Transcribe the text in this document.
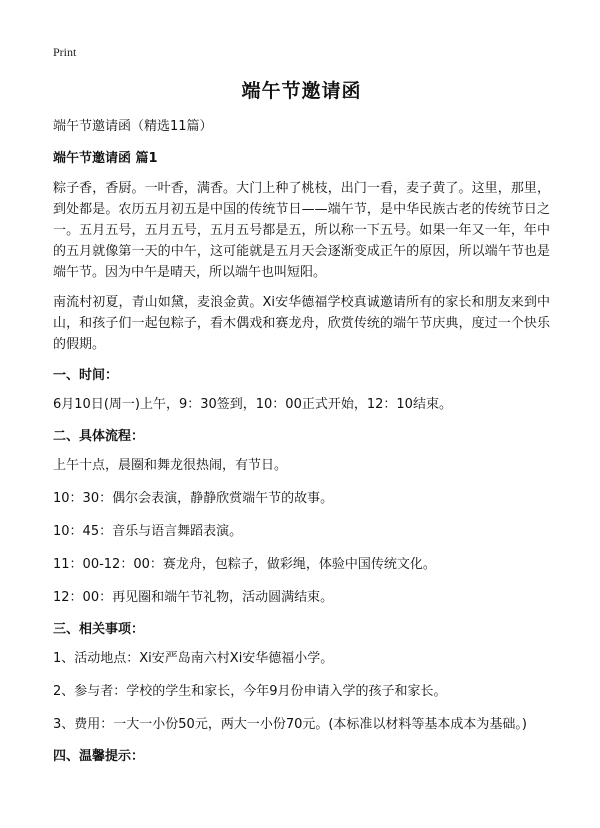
Print
端午节邀请函
端午节邀请函（精选11篇）
端午节邀请函 篇1

粽子香，香厨。一叶香，满香。大门上种了桃枝，出门一看，麦子黄了。这里，那里，到处都是。农历五月初五是中国的传统节日——端午节，是中华民族古老的传统节日之一。五月五号，五月五号，五月五号都是五，所以称一下五号。如果一年又一年，年中的五月就像第一天的中午，这可能就是五月天会逐渐变成正午的原因，所以端午节也是端午节。因为中午是晴天，所以端午也叫短阳。

南流村初夏，青山如黛，麦浪金黄。Xi安华德福学校真诚邀请所有的家长和朋友来到中山，和孩子们一起包粽子，看木偶戏和赛龙舟，欣赏传统的端午节庆典，度过一个快乐的假期。

一、时间：
6月10日(周一)上午，9：30签到，10：00正式开始，12：10结束。
二、具体流程：
上午十点，晨圈和舞龙很热闹，有节日。
10：30：偶尔会表演，静静欣赏端午节的故事。
10：45：音乐与语言舞蹈表演。
11：00-12：00：赛龙舟，包粽子，做彩绳，体验中国传统文化。
12：00：再见圈和端午节礼物，活动圆满结束。
三、相关事项：
1、活动地点：Xi安严岛南六村Xi安华德福小学。
2、参与者：学校的学生和家长，今年9月份申请入学的孩子和家长。
3、费用：一大一小份50元，两大一小份70元。(本标准以材料等基本成本为基础。)
四、温馨提示：
